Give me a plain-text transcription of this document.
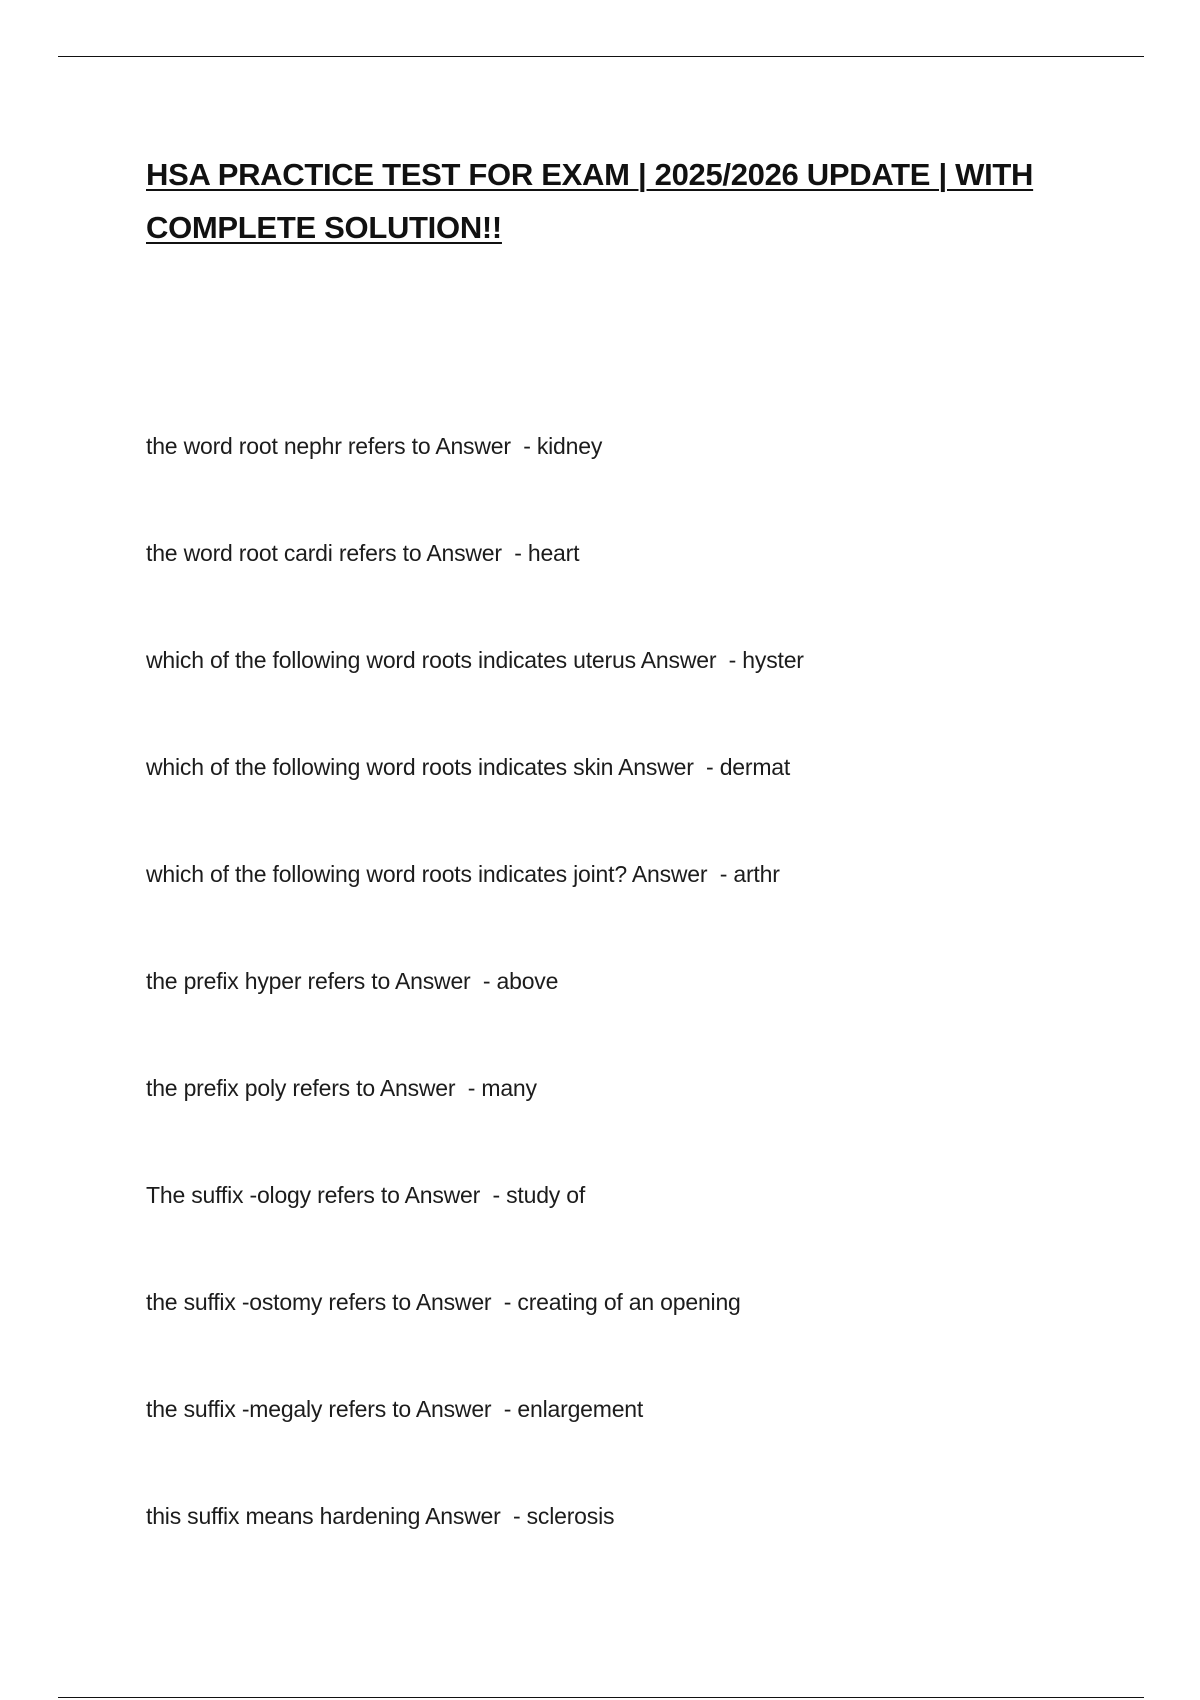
HSA PRACTICE TEST FOR EXAM | 2025/2026 UPDATE | WITH COMPLETE SOLUTION!!
the word root nephr refers to Answer  - kidney
the word root cardi refers to Answer  - heart
which of the following word roots indicates uterus Answer  - hyster
which of the following word roots indicates skin Answer  - dermat
which of the following word roots indicates joint? Answer  - arthr
the prefix hyper refers to Answer  - above
the prefix poly refers to Answer  - many
The suffix -ology refers to Answer  - study of
the suffix -ostomy refers to Answer  - creating of an opening
the suffix -megaly refers to Answer  - enlargement
this suffix means hardening Answer  - sclerosis
